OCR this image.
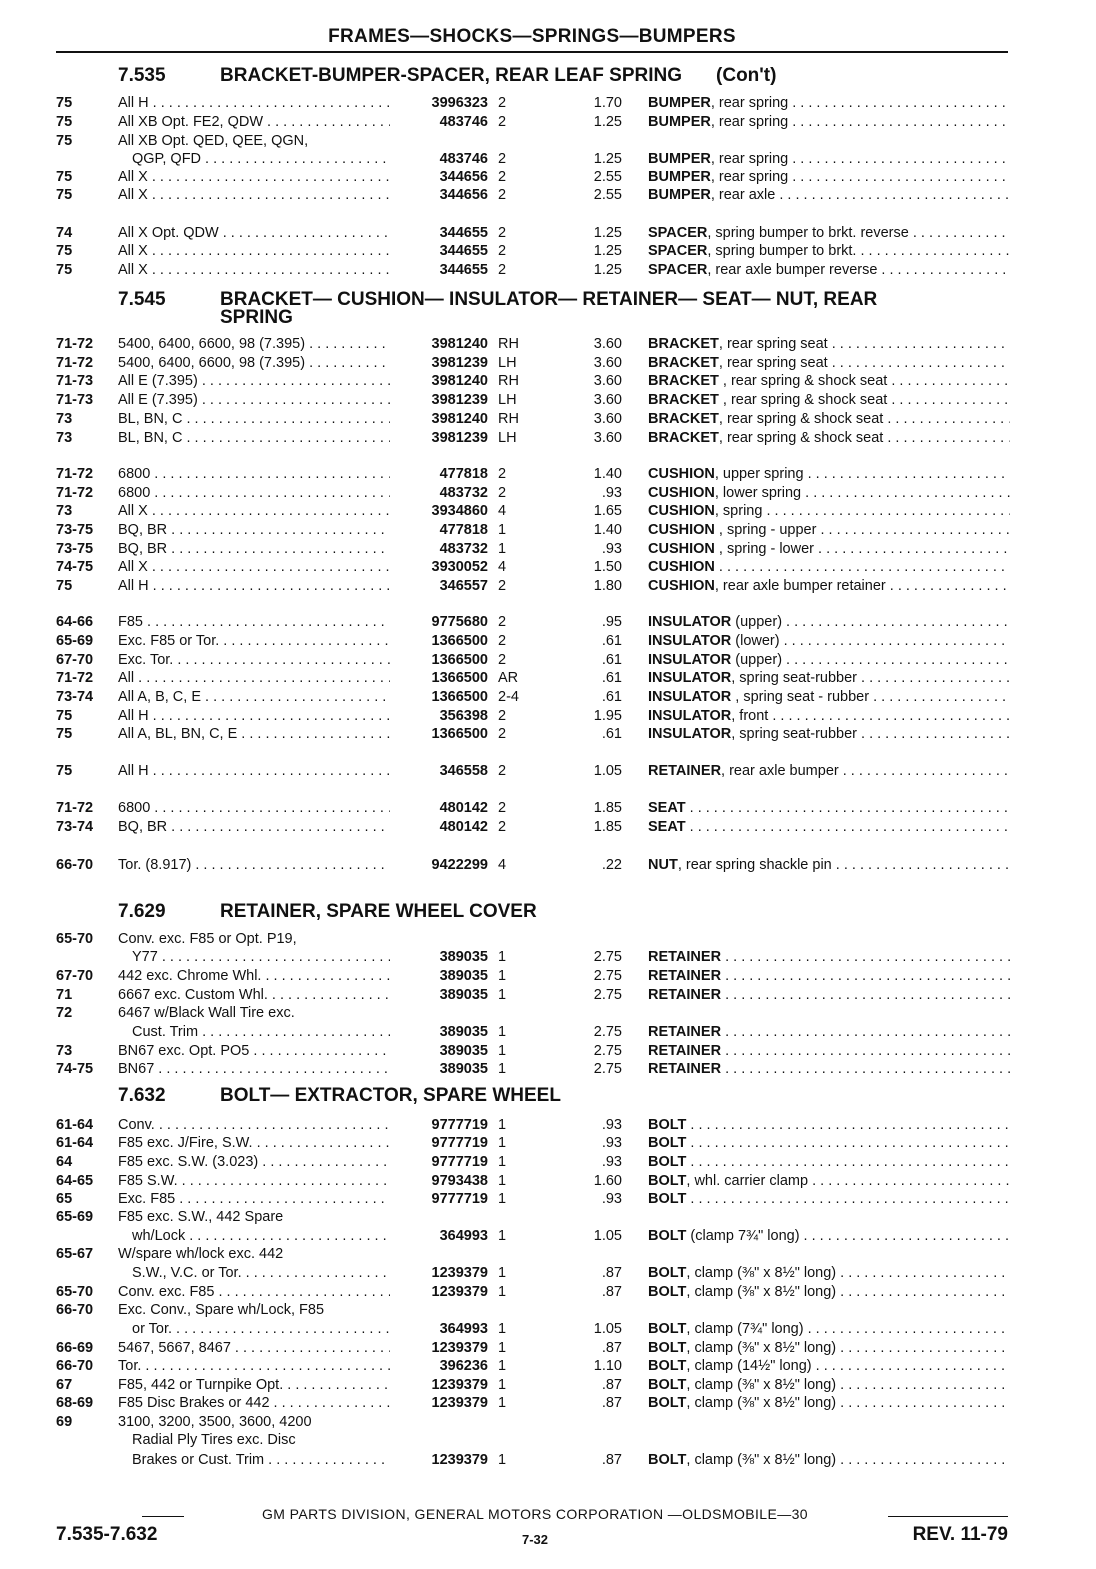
FRAMES—SHOCKS—SPRINGS—BUMPERS
7.535	BRACKET-BUMPER-SPACER, REAR LEAF SPRING (Con't)
7.545	BRACKET— CUSHION— INSULATOR— RETAINER— SEAT— NUT, REAR
SPRING
7.629	RETAINER, SPARE WHEEL COVER
7.632	BOLT— EXTRACTOR, SPARE WHEEL
75	All H . . .	3996323 2	1.70 BUMPER, rear spring . . .
75	All XB Opt. FE2, QDW . . .	483746 2	1.25 BUMPER, rear spring . . .
75	All XB Opt. QED, QEE, QGN,
QGP, QFD . . .	483746 2	1.25 BUMPER, rear spring . . .
75	All X . . .	344656 2	2.55 BUMPER, rear spring . . .
75	All X . . .	344656 2	2.55 BUMPER, rear axle . . .
74	All X Opt. QDW . . .	344655 2	1.25 SPACER, spring bumper to brkt. reverse . . .
75	All X . . .	344655 2	1.25 SPACER, spring bumper to brkt. . . .
75	All X . . .	344655 2	1.25 SPACER, rear axle bumper reverse . . .
71-72 5400, 6400, 6600, 98 (7.395) . . .	3981240 RH	3.60 BRACKET, rear spring seat . . .
71-72 5400, 6400, 6600, 98 (7.395) . . .	3981239 LH	3.60 BRACKET, rear spring seat . . .
71-73 All E (7.395) . . .	3981240 RH	3.60 BRACKET , rear spring & shock seat . . .
71-73 All E (7.395) . . .	3981239 LH	3.60 BRACKET , rear spring & shock seat . . .
73	BL, BN, C . . .	3981240 RH	3.60 BRACKET, rear spring & shock seat . . .
73	BL, BN, C . . .	3981239 LH	3.60 BRACKET, rear spring & shock seat . . .
71-72 6800 . . .	477818 2	1.40 CUSHION, upper spring . . .
71-72 6800 . . .	483732 2	.93 CUSHION, lower spring . . .
73	All X . . .	3934860 4	1.65 CUSHION, spring . . .
73-75 BQ, BR . . .	477818 1	1.40 CUSHION , spring - upper . . .
73-75 BQ, BR . . .	483732 1	.93 CUSHION , spring - lower . . .
74-75 All X . . .	3930052 4	1.50 CUSHION . . .
75	All H . . .	346557 2	1.80 CUSHION, rear axle bumper retainer . . .
64-66 F85 . . .	9775680 2	.95 INSULATOR (upper) . . .
65-69 Exc. F85 or Tor. . . .	1366500 2	.61 INSULATOR (lower) . . .
67-70 Exc. Tor. . . .	1366500 2	.61 INSULATOR (upper) . . .
71-72 All . . .	1366500 AR	.61 INSULATOR, spring seat-rubber . . .
73-74 All A, B, C, E . . .	1366500 2-4	.61 INSULATOR , spring seat - rubber . . .
75	All H . . .	356398 2	1.95 INSULATOR, front . . .
75	All A, BL, BN, C, E . . .	1366500 2	.61 INSULATOR, spring seat-rubber . . .
75	All H . . .	346558 2	1.05 RETAINER, rear axle bumper . . .
71-72 6800 . . .	480142 2	1.85 SEAT . . .
73-74 BQ, BR . . .	480142 2	1.85 SEAT . . .
66-70 Tor. (8.917) . . .	9422299 4	.22 NUT, rear spring shackle pin . . .
65-70 Conv. exc. F85 or Opt. P19,
Y77 . . .	389035 1	2.75 RETAINER . . .
67-70 442 exc. Chrome Whl. . . .	389035 1	2.75 RETAINER . . .
71	6667 exc. Custom Whl. . . .	389035 1	2.75 RETAINER . . .
72	6467 w/Black Wall Tire exc.
Cust. Trim . . .	389035 1	2.75 RETAINER . . .
73	BN67 exc. Opt. PO5 . . .	389035 1	2.75 RETAINER . . .
74-75 BN67 . . .	389035 1	2.75 RETAINER . . .
61-64 Conv. . . .	9777719 1	.93 BOLT . . .
61-64 F85 exc. J/Fire, S.W. . . .	9777719 1	.93 BOLT . . .
64	F85 exc. S.W. (3.023) . . .	9777719 1	.93 BOLT . . .
64-65 F85 S.W. . . .	9793438 1	1.60 BOLT, whl. carrier clamp . . .
65	Exc. F85 . . .	9777719 1	.93 BOLT . . .
65-69 F85 exc. S.W., 442 Spare
wh/Lock . . .	364993 1	1.05 BOLT (clamp 7¾" long) . . .
65-67 W/spare wh/lock exc. 442
S.W., V.C. or Tor. . . .	1239379 1	.87 BOLT, clamp (⅜" x 8½" long) . . .
65-70 Conv. exc. F85 . . .	1239379 1	.87 BOLT, clamp (⅜" x 8½" long) . . .
66-70 Exc. Conv., Spare wh/Lock, F85
or Tor. . . .	364993 1	1.05 BOLT, clamp (7¾" long) . . .
66-69 5467, 5667, 8467 . . .	1239379 1	.87 BOLT, clamp (⅜" x 8½" long) . . .
66-70 Tor. . . .	396236 1	1.10 BOLT, clamp (14½" long) . . .
67	F85, 442 or Turnpike Opt. . . .	1239379 1	.87 BOLT, clamp (⅜" x 8½" long) . . .
68-69 F85 Disc Brakes or 442 . . .	1239379 1	.87 BOLT, clamp (⅜" x 8½" long) . . .
69	3100, 3200, 3500, 3600, 4200
Radial Ply Tires exc. Disc
Brakes or Cust. Trim . . .	1239379 1	.87 BOLT, clamp (⅜" x 8½" long) . . .
GM PARTS DIVISION, GENERAL MOTORS CORPORATION —OLDSMOBILE—30
7.535-7.632	7-32	REV. 11-79
